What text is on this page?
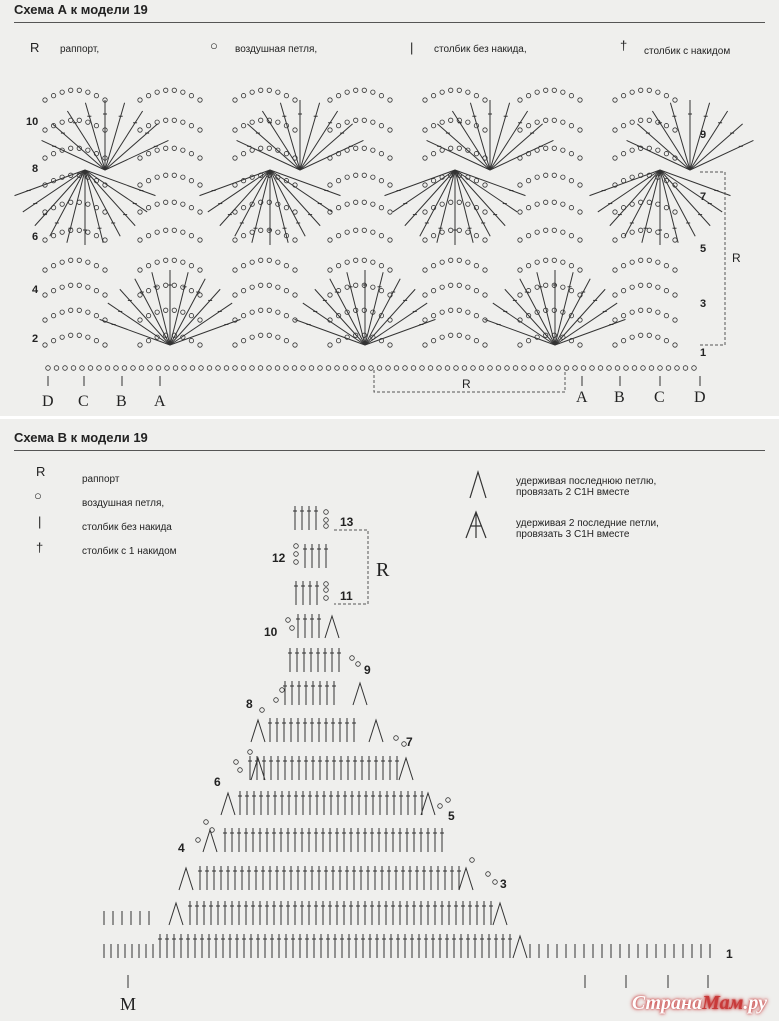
Схема А к модели 19
R раппорт,	○ воздушная петля,	| столбик без накида,	† столбик с накидом
10
8
6
4
2
9
7
5
3
1
R
R
D C B A	A B C D
Схема B к модели 19
R
раппорт
○
воздушная петля,
|	столбик без накида
†	столбик с 1 накидом
13
12
11
10
9
8
7
6
5
4
3
1
R
M
удерживая последнюю петлю, провязать 2 С1Н вместе
удерживая 2 последние петли, провязать 3 С1Н вместе
СтранаМам.ру
